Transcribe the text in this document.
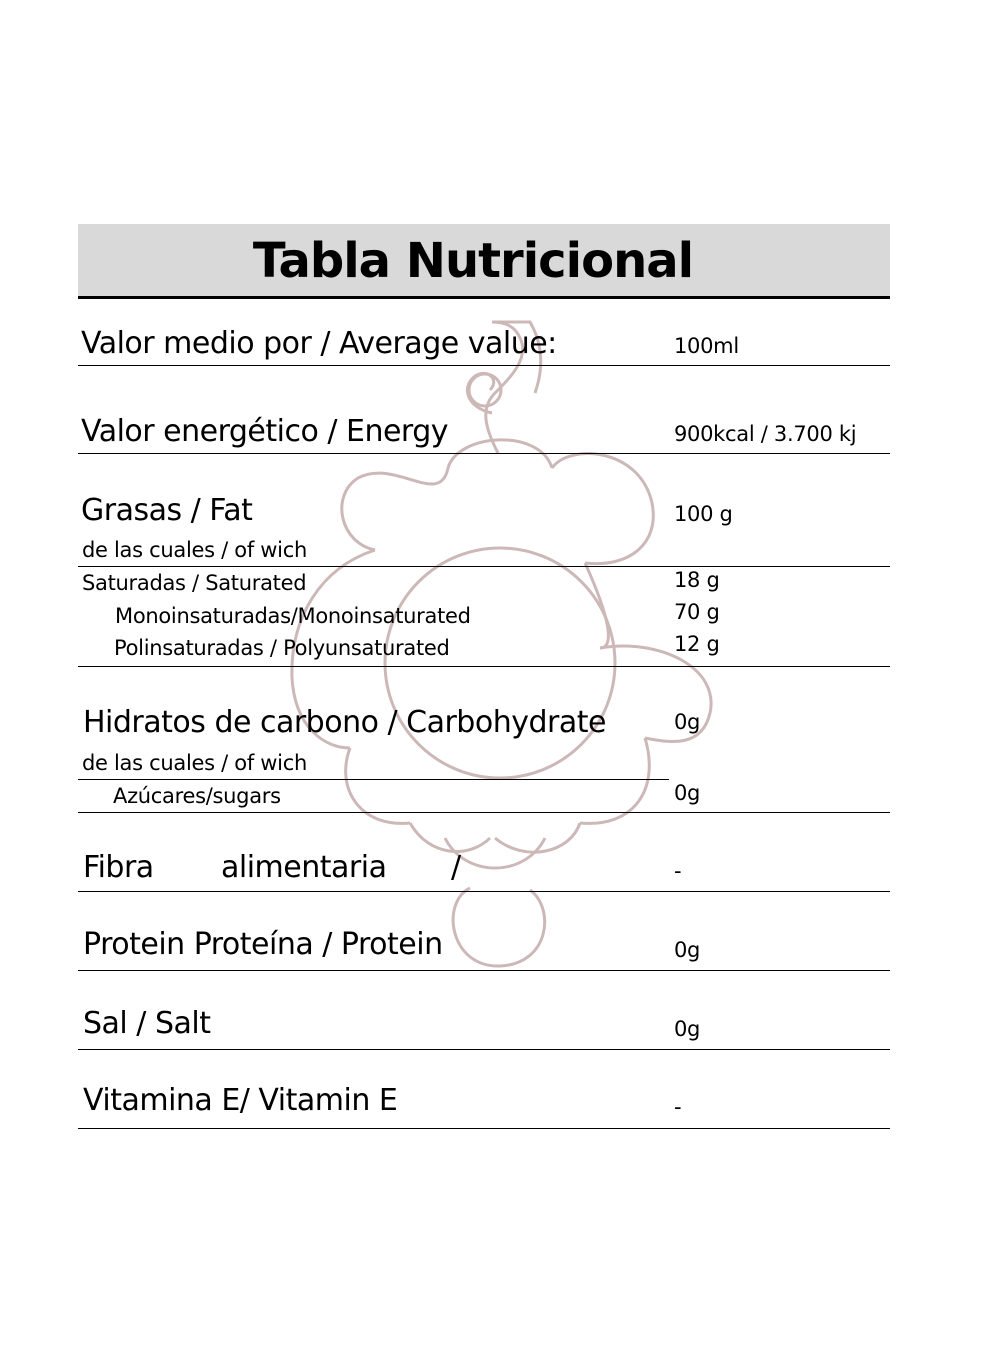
Tabla Nutricional
Valor medio por / Average value:	100ml
Valor energético / Energy	900kcal / 3.700 kj
Grasas / Fat	100 g
de las cuales / of wich
Saturadas / Saturated	18 g
Monoinsaturadas/Monoinsaturated	70 g
Polinsaturadas / Polyunsaturated	12 g
Hidratos de carbono / Carbohydrate	0g
de las cuales / of wich
Azúcares/sugars	0g
Fibra alimentaria /	-
Protein Proteína / Protein	0g
Sal / Salt	0g
Vitamina E/ Vitamin E	-
